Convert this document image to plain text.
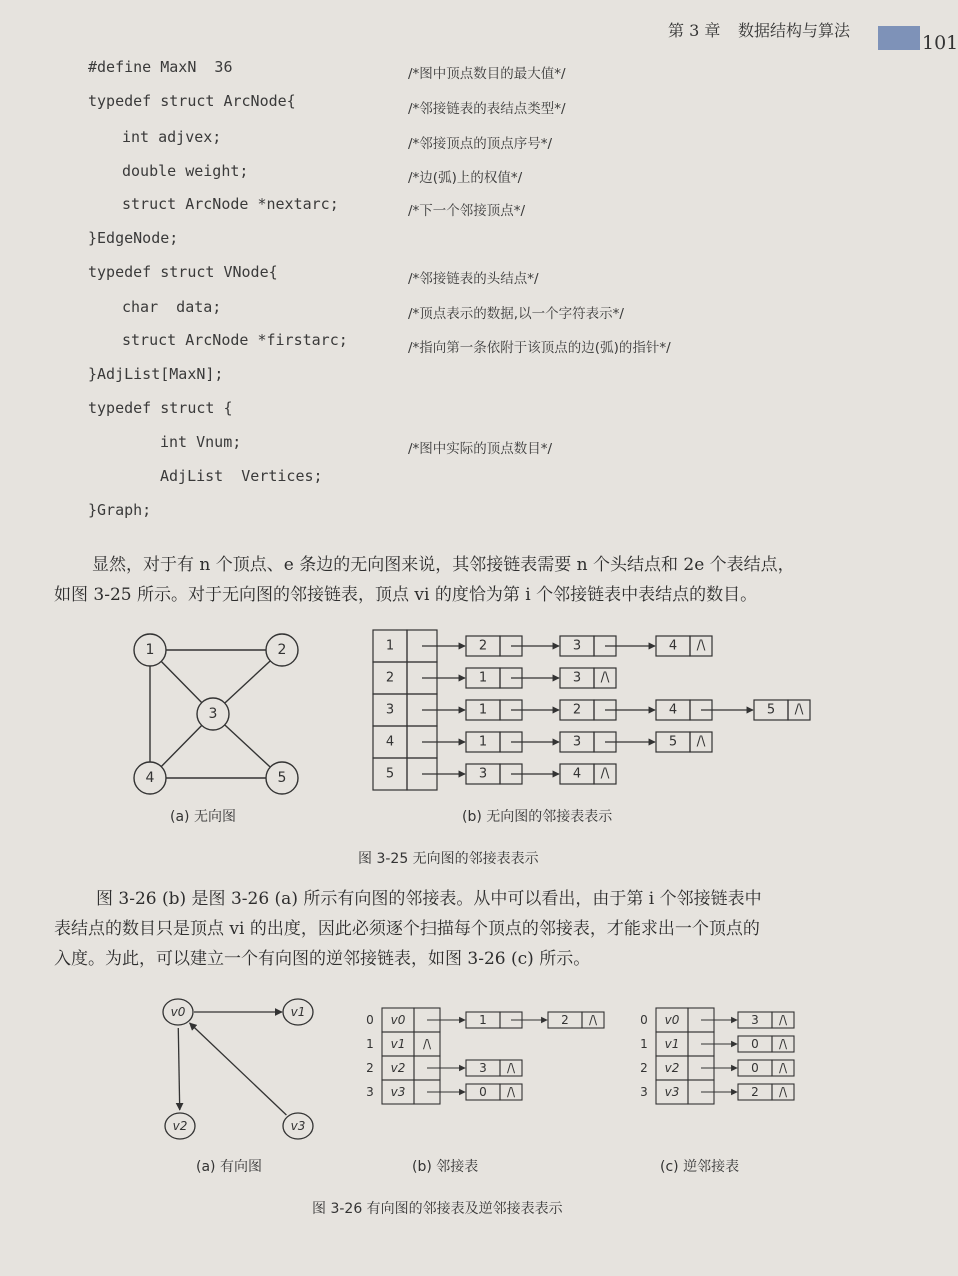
第 3 章 数据结构与算法
101
#define MaxN  36
typedef struct ArcNode{
int adjvex;
double weight;
struct ArcNode *nextarc;
}EdgeNode;
typedef struct VNode{
char  data;
struct ArcNode *firstarc;
}AdjList[MaxN];
typedef struct {
int Vnum;
AdjList  Vertices;
}Graph;
/*图中顶点数目的最大值*/
/*邻接链表的表结点类型*/
/*邻接顶点的顶点序号*/
/*边(弧)上的权值*/
/*下一个邻接顶点*/
/*邻接链表的头结点*/
/*顶点表示的数据,以一个字符表示*/
/*指向第一条依附于该顶点的边(弧)的指针*/
/*图中实际的顶点数目*/

显然，对于有 n 个顶点、e 条边的无向图来说，其邻接链表需要 n 个头结点和 2e 个表结点，

如图 3-25 所示。对于无向图的邻接链表，顶点 vi 的度恰为第 i 个邻接链表中表结点的数目。

1	2
3
4	5
1	2	3	4 /\
2	1	3 /\
3	1	2	4	5 /\
4	1	3	5 /\
5	3	4 /\
(a) 无向图	(b) 无向图的邻接表表示
图 3-25 无向图的邻接表表示

图 3-26 (b) 是图 3-26 (a) 所示有向图的邻接表。从中可以看出，由于第 i 个邻接链表中

表结点的数目只是顶点 vi 的出度，因此必须逐个扫描每个顶点的邻接表，才能求出一个顶点的

入度。为此，可以建立一个有向图的逆邻接链表，如图 3-26 (c) 所示。

v0	v1
v2	v3
0 v0	1	2 /\
1 v1 /\
2 v2	3 /\
3 v3	0 /\
0 v0	3 /\
1 v1	0 /\
2 v2	0 /\
3 v3	2 /\
(a) 有向图	(b) 邻接表	(c) 逆邻接表
图 3-26 有向图的邻接表及逆邻接表表示
